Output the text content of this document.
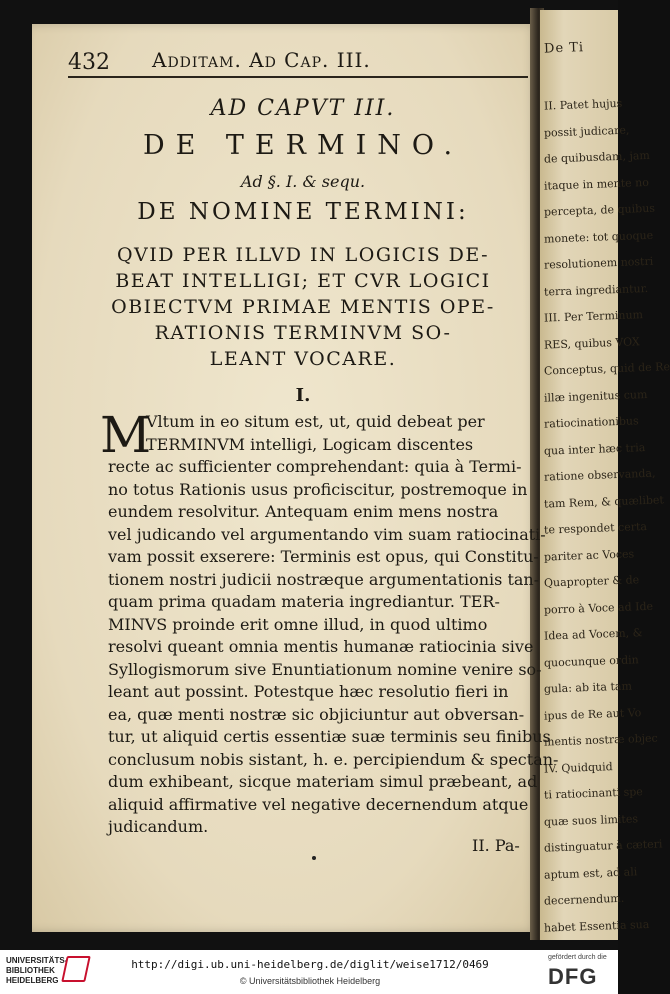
De Ti
II. Patet hujus
possit judicare,
de quibusdam, jam
itaque in mente no
percepta, de quibus
monete: tot quoque
resolutionem nostri
terra ingrediantur.
III. Per Terminum
RES, quibus VOX
Conceptus, quid de Re
illæ ingenitus cum
ratiocinationibus
qua inter hæc tria
ratione observanda,
tam Rem, & quælibet
te respondet certa
pariter ac Voces
Quapropter & de
porro à Voce ad Ide
Idea ad Vocem, &
quocunque ordin
gula: ab ita tam
ipus de Re aut Vo
mentis nostræ objec
IV. Quidquid
ti ratiocinanti spe
quæ suos limites
distinguatur à cæteri
aptum est, ad ali
decernendum.
habet Essentia sua
432 Additam. Ad Cap. III.
AD CAPVT III.
DE TERMINO.
Ad §. I. & sequ.
DE NOMINE TERMINI:
QVID PER ILLVD IN LOGICIS DE-
BEAT INTELLIGI; ET CVR LOGICI
OBIECTVM PRIMAE MENTIS OPE-
RATIONIS TERMINVM SO-
LEANT VOCARE.
I.
M
Vltum in eo situm est, ut, quid debeat per
TERMINVM intelligi, Logicam discentes
recte ac sufficienter comprehendant: quia à Termi-
no totus Rationis usus proficiscitur, postremoque in
eundem resolvitur. Antequam enim mens nostra
vel judicando vel argumentando vim suam ratiocinati-
vam possit exserere: Terminis est opus, qui Constitu-
tionem nostri judicii nostræque argumentationis tan-
quam prima quadam materia ingrediantur. TER-
MINVS proinde erit omne illud, in quod ultimo
resolvi queant omnia mentis humanæ ratiocinia sive
Syllogismorum sive Enuntiationum nomine venire so-
leant aut possint. Potestque hæc resolutio fieri in
ea, quæ menti nostræ sic objiciuntur aut obversan-
tur, ut aliquid certis essentiæ suæ terminis seu finibus
conclusum nobis sistant, h. e. percipiendum & spectan-
dum exhibeant, sicque materiam simul præbeant, ad
aliquid affirmative vel negative decernendum atque
judicandum.
II. Pa-
UNIVERSITÄTS-
BIBLIOTHEK
HEIDELBERG
http://digi.ub.uni-heidelberg.de/diglit/weise1712/0469
© Universitätsbibliothek Heidelberg
gefördert durch die
DFG
